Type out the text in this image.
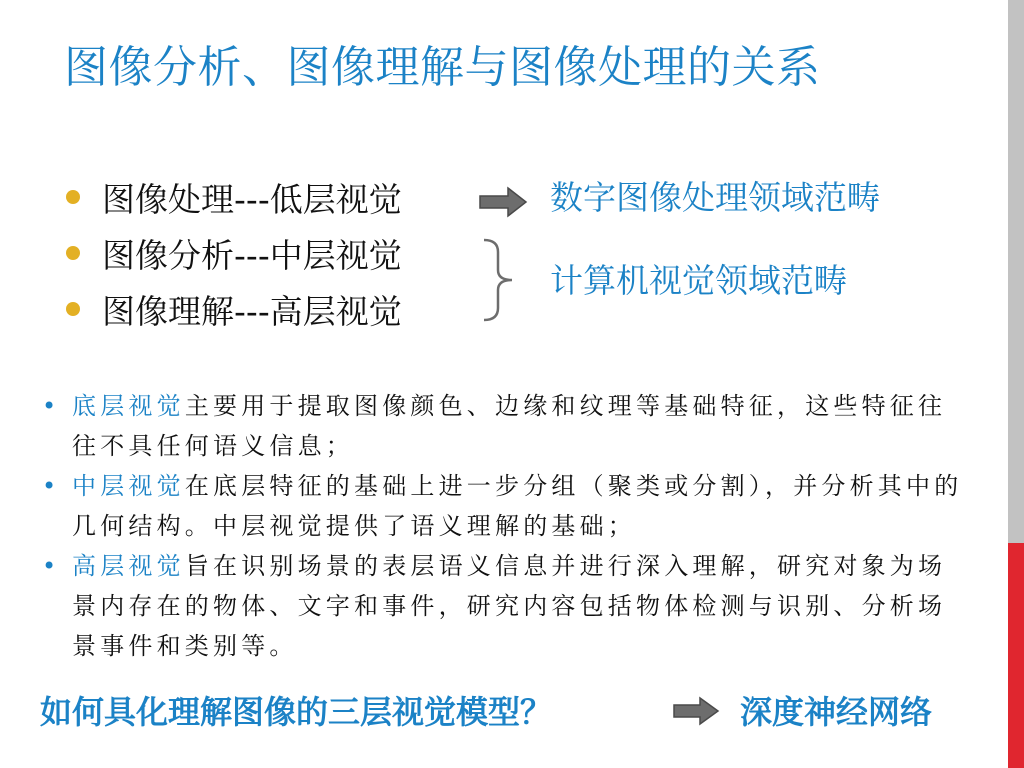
图像分析、图像理解与图像处理的关系
图像处理---低层视觉
图像分析---中层视觉
图像理解---高层视觉
数字图像处理领域范畴
计算机视觉领域范畴
• 底层视觉主要用于提取图像颜色、边缘和纹理等基础特征，这些特征往往不具任何语义信息；
• 中层视觉在底层特征的基础上进一步分组（聚类或分割），并分析其中的几何结构。中层视觉提供了语义理解的基础；
• 高层视觉旨在识别场景的表层语义信息并进行深入理解，研究对象为场景内存在的物体、文字和事件，研究内容包括物体检测与识别、分析场景事件和类别等。
如何具化理解图像的三层视觉模型？	深度神经网络
